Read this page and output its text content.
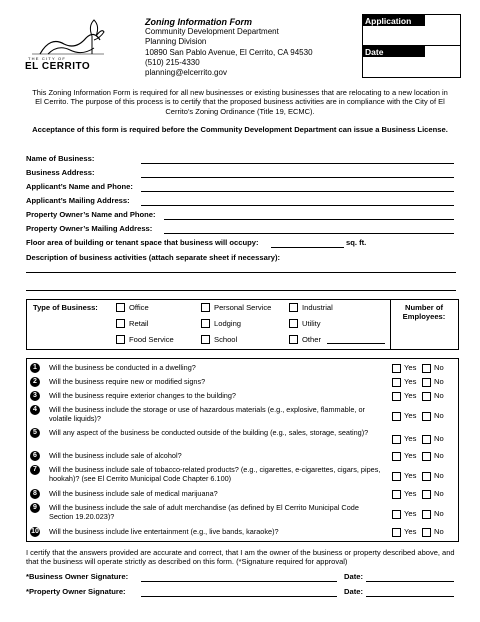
THE CITY OF
EL CERRITO
Zoning Information Form
Community Development Department
Planning Division
10890 San Pablo Avenue, El Cerrito, CA 94530
(510) 215-4330
planning@elcerrito.gov
Application No:
Date Received:
This Zoning Information Form is required for all new businesses or existing businesses that are relocating to a new location in El Cerrito. The purpose of this process is to certify that the proposed business activities are in compliance with the City of El Cerrito’s Zoning Ordinance (Title 19, ECMC).
Acceptance of this form is required before the Community Development Department can issue a Business License.
Name of Business:
Business Address:
Applicant’s Name and Phone:
Applicant’s Mailing Address:
Property Owner’s Name and Phone:
Property Owner’s Mailing Address:
Floor area of building or tenant space that business will occupy:	sq. ft.
Description of business activities (attach separate sheet if necessary):
Type of Business:	Office	Personal Service	Industrial
Retail	Lodging	Utility
Food Service	School	Other
Number of Employees:
1	Will the business be conducted in a dwelling?	Yes No
2	Will the business require new or modified signs?	Yes No
3	Will the business require exterior changes to the building?	Yes No
4	Will the business include the storage or use of hazardous materials (e.g., explosive, flammable, or volatile liquids)?	Yes No
5	Will any aspect of the business be conducted outside of the building (e.g., sales, storage, seating)?
Yes No
6	Will the business include sale of alcohol?	Yes No
7	Will the business include sale of tobacco-related products? (e.g., cigarettes, e-cigarettes, cigars, pipes, hookah)? (see El Cerrito Municipal Code Chapter 6.100)	Yes No
8	Will the business include sale of medical marijuana?	Yes No
9	Will the business include the sale of adult merchandise (as defined by El Cerrito Municipal Code Section 19.20.023)?	Yes No
10 Will the business include live entertainment (e.g., live bands, karaoke)?	Yes No
I certify that the answers provided are accurate and correct, that I am the owner of the business or property described above, and that the business will operate strictly as described on this form. (*Signature required for approval)
*Business Owner Signature:	Date:
*Property Owner Signature:	Date:
